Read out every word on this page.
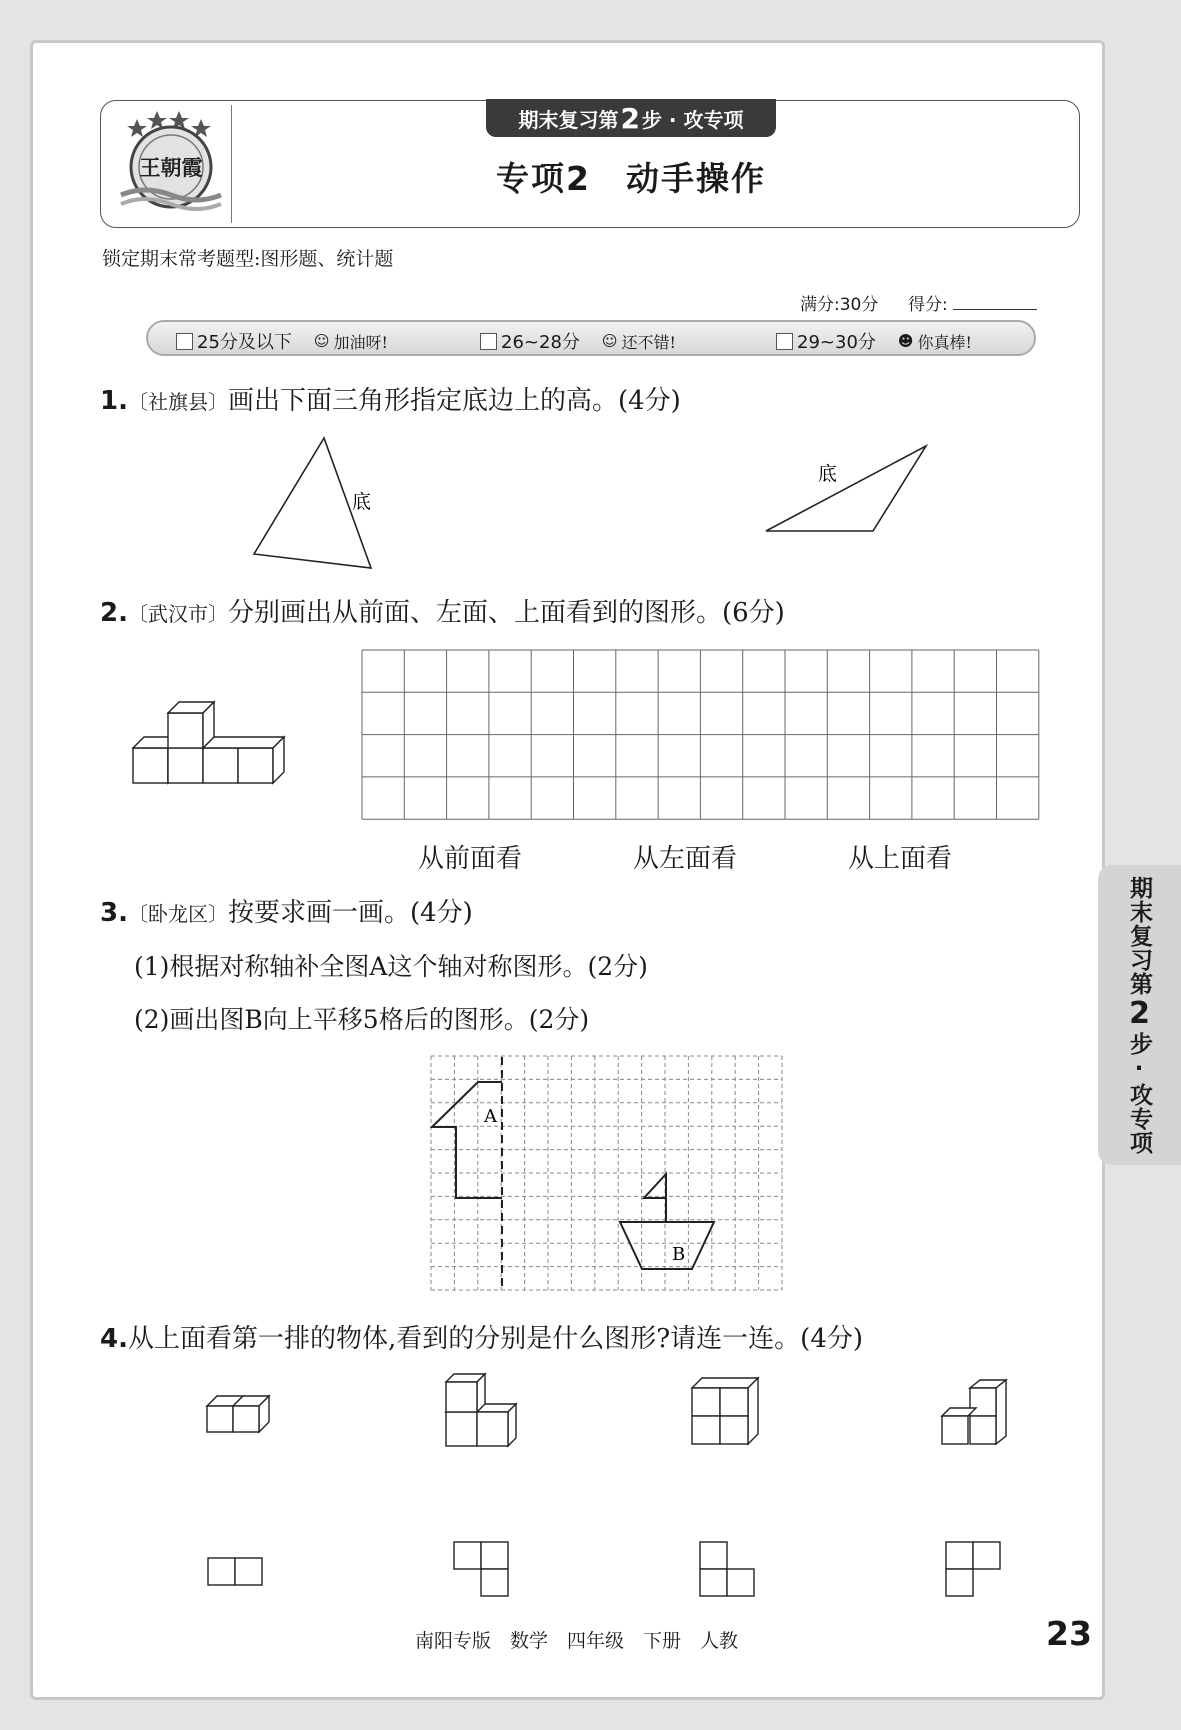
王朝霞
期末复习第 2 步 · 攻专项
专项2　动手操作
锁定期末常考题型:图形题、统计题
满分:30分 得分:
25分及以下 ☺ 加油呀!	26~28分 ☺ 还不错!	29~30分 ☻ 你真棒!
1.〔社旗县〕画出下面三角形指定底边上的高。(4分)
底
底
2.〔武汉市〕分别画出从前面、左面、上面看到的图形。(6分)
从前面看	从左面看	从上面看
3.〔卧龙区〕按要求画一画。(4分)
(1)根据对称轴补全图A这个轴对称图形。(2分)
(2)画出图B向上平移5格后的图形。(2分)
A
B
4.从上面看第一排的物体,看到的分别是什么图形?请连一连。(4分)
期末复习第
2
步·攻专项
南阳专版　数学　四年级　下册　人教	23
